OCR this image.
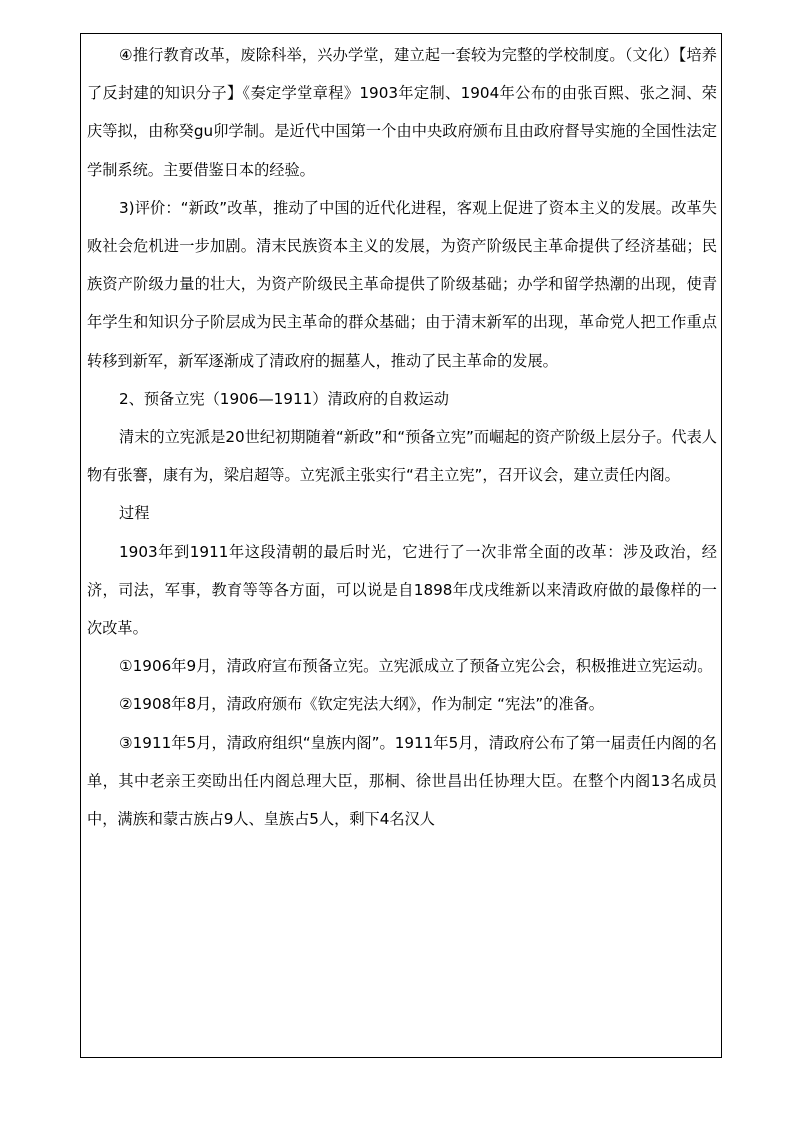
④推行教育改革，废除科举，兴办学堂，建立起一套较为完整的学校制度。（文化）【培养了反封建的知识分子】《奏定学堂章程》1903年定制、1904年公布的由张百熙、张之洞、荣庆等拟，由称癸gu卯学制。是近代中国第一个由中央政府颁布且由政府督导实施的全国性法定学制系统。主要借鉴日本的经验。

3)评价：“新政”改革，推动了中国的近代化进程，客观上促进了资本主义的发展。改革失败社会危机进一步加剧。清末民族资本主义的发展，为资产阶级民主革命提供了经济基础；民族资产阶级力量的壮大，为资产阶级民主革命提供了阶级基础；办学和留学热潮的出现，使青年学生和知识分子阶层成为民主革命的群众基础；由于清末新军的出现，革命党人把工作重点转移到新军，新军逐渐成了清政府的掘墓人，推动了民主革命的发展。

2、预备立宪（1906—1911）清政府的自救运动

清末的立宪派是20世纪初期随着“新政”和“预备立宪”而崛起的资产阶级上层分子。代表人物有张謇，康有为，梁启超等。立宪派主张实行“君主立宪”，召开议会，建立责任内阁。

过程

1903年到1911年这段清朝的最后时光，它进行了一次非常全面的改革：涉及政治，经济，司法，军事，教育等等各方面，可以说是自1898年戊戌维新以来清政府做的最像样的一次改革。

①1906年9月，清政府宣布预备立宪。立宪派成立了预备立宪公会，积极推进立宪运动。

②1908年8月，清政府颁布《钦定宪法大纲》，作为制定 “宪法”的准备。

③1911年5月，清政府组织“皇族内阁”。1911年5月，清政府公布了第一届责任内阁的名单，其中老亲王奕劻出任内阁总理大臣，那桐、徐世昌出任协理大臣。在整个内阁13名成员中，满族和蒙古族占9人、皇族占5人，剩下4名汉人
